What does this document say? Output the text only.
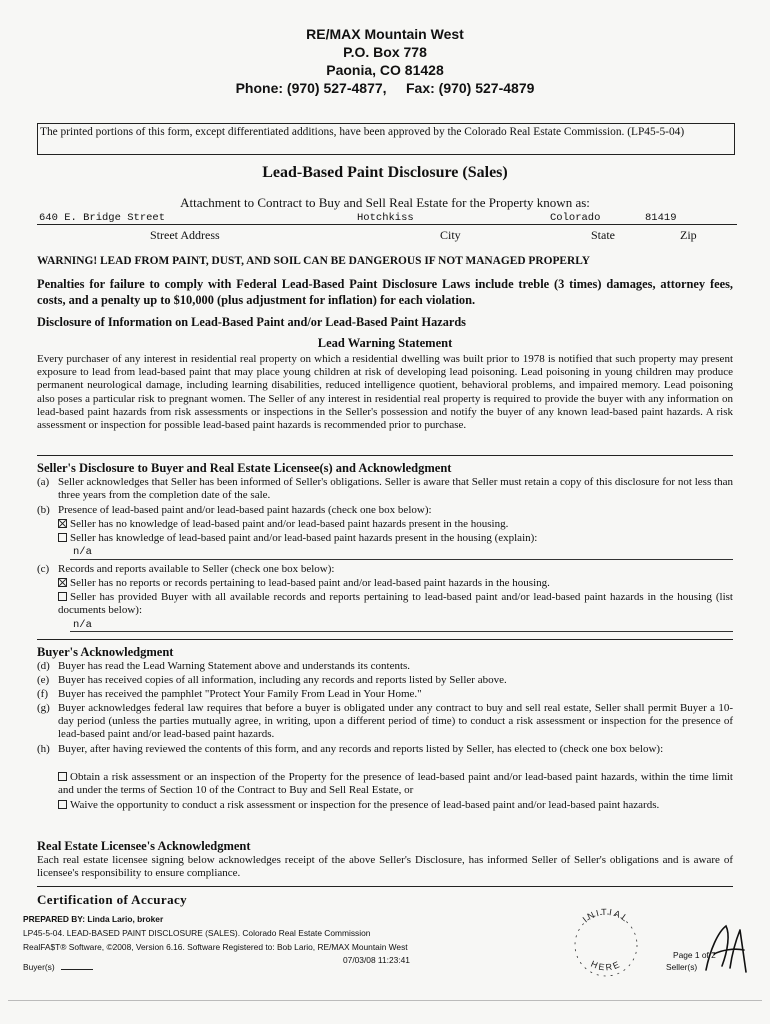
RE/MAX Mountain West
P.O. Box 778
Paonia, CO 81428
Phone: (970) 527-4877,     Fax: (970) 527-4879
The printed portions of this form, except differentiated additions, have been approved by the Colorado Real Estate Commission. (LP45-5-04)
Lead-Based Paint Disclosure (Sales)
Attachment to Contract to Buy and Sell Real Estate for the Property known as:
640 E. Bridge Street	Hotchkiss	Colorado	81419
Street Address	City	State	Zip
WARNING! LEAD FROM PAINT, DUST, AND SOIL CAN BE DANGEROUS IF NOT MANAGED PROPERLY
Penalties for failure to comply with Federal Lead-Based Paint Disclosure Laws include treble (3 times) damages, attorney fees, costs, and a penalty up to $10,000 (plus adjustment for inflation) for each violation.
Disclosure of Information on Lead-Based Paint and/or Lead-Based Paint Hazards
Lead Warning Statement
Every purchaser of any interest in residential real property on which a residential dwelling was built prior to 1978 is notified that such property may present exposure to lead from lead-based paint that may place young children at risk of developing lead poisoning. Lead poisoning in young children may produce permanent neurological damage, including learning disabilities, reduced intelligence quotient, behavioral problems, and impaired memory. Lead poisoning also poses a particular risk to pregnant women. The Seller of any interest in residential real property is required to provide the buyer with any information on lead-based paint hazards from risk assessments or inspections in the Seller's possession and notify the buyer of any known lead-based paint hazards. A risk assessment or inspection for possible lead-based paint hazards is recommended prior to purchase.
Seller's Disclosure to Buyer and Real Estate Licensee(s) and Acknowledgment
(a) Seller acknowledges that Seller has been informed of Seller's obligations. Seller is aware that Seller must retain a copy of this disclosure for not less than three years from the completion date of the sale.
(b) Presence of lead-based paint and/or lead-based paint hazards (check one box below):
Seller has no knowledge of lead-based paint and/or lead-based paint hazards present in the housing.
Seller has knowledge of lead-based paint and/or lead-based paint hazards present in the housing (explain):
n/a
(c) Records and reports available to Seller (check one box below):
Seller has no reports or records pertaining to lead-based paint and/or lead-based paint hazards in the housing.
Seller has provided Buyer with all available records and reports pertaining to lead-based paint and/or lead-based paint hazards in the housing (list documents below):
n/a
Buyer's Acknowledgment
(d) Buyer has read the Lead Warning Statement above and understands its contents.
(e) Buyer has received copies of all information, including any records and reports listed by Seller above.
(f) Buyer has received the pamphlet "Protect Your Family From Lead in Your Home."
(g) Buyer acknowledges federal law requires that before a buyer is obligated under any contract to buy and sell real estate, Seller shall permit Buyer a 10-day period (unless the parties mutually agree, in writing, upon a different period of time) to conduct a risk assessment or inspection for the presence of lead-based paint and/or lead-based paint hazards.
(h) Buyer, after having reviewed the contents of this form, and any records and reports listed by Seller, has elected to (check one box below):
Obtain a risk assessment or an inspection of the Property for the presence of lead-based paint and/or lead-based paint hazards, within the time limit and under the terms of Section 10 of the Contract to Buy and Sell Real Estate, or
Waive the opportunity to conduct a risk assessment or inspection for the presence of lead-based paint and/or lead-based paint hazards.
Real Estate Licensee's Acknowledgment
Each real estate licensee signing below acknowledges receipt of the above Seller's Disclosure, has informed Seller of Seller's obligations and is aware of licensee's responsibility to ensure compliance.
Certification of Accuracy
PREPARED BY: Linda Lario, broker
LP45-5-04. LEAD-BASED PAINT DISCLOSURE (SALES). Colorado Real Estate Commission
RealFA$T® Software, ©2008, Version 6.16. Software Registered to: Bob Lario, RE/MAX Mountain West
07/03/08 11:23:41
Buyer(s)
INITIAL
HERE
Page 1 of 2
Seller(s)
